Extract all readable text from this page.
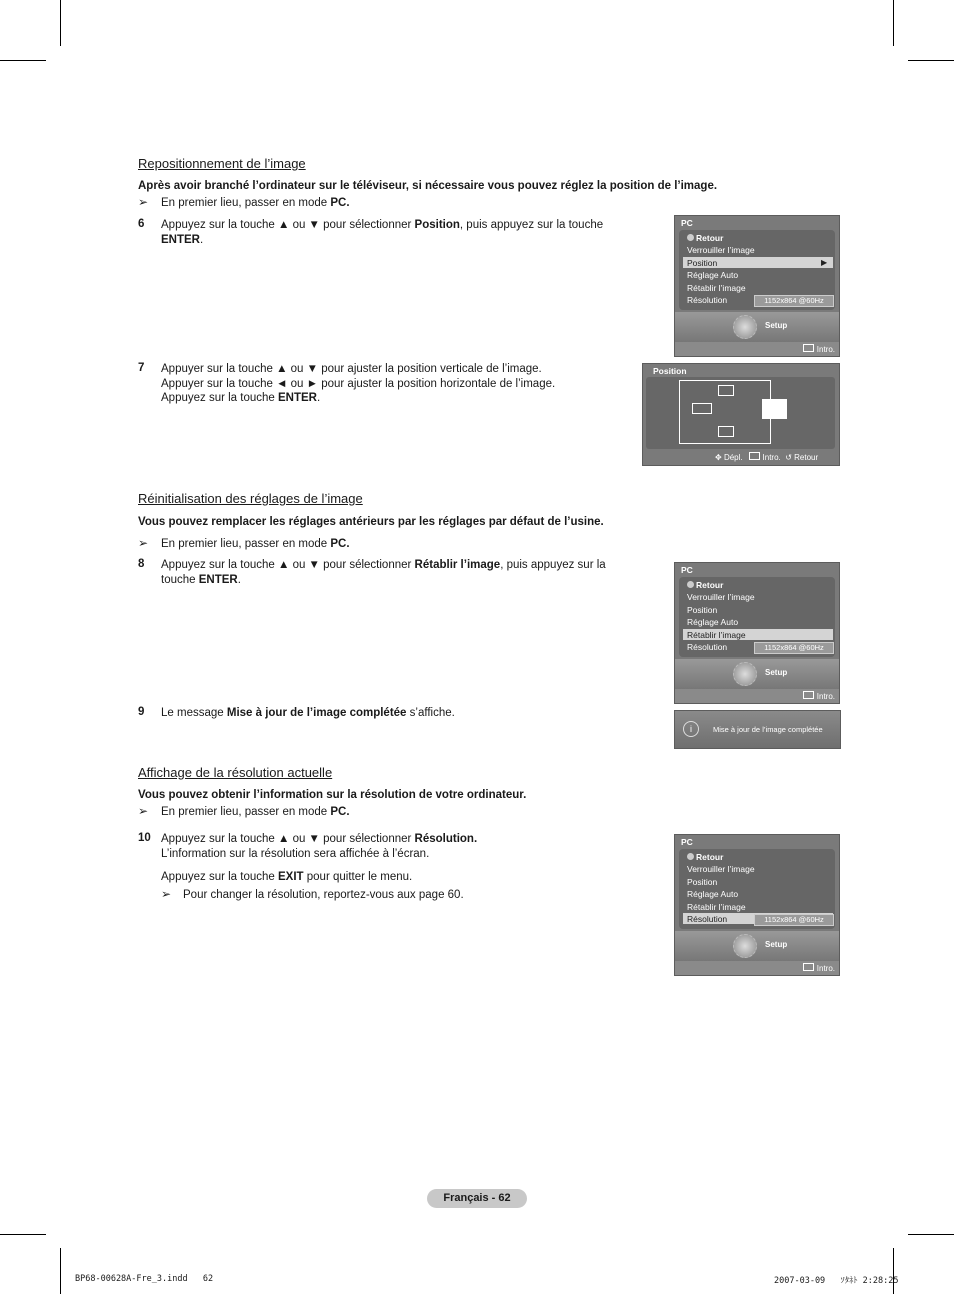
Repositionnement de l’image
Après avoir branché l’ordinateur sur le téléviseur, si nécessaire vous pouvez réglez la position de l’image.
➢ En premier lieu, passer en mode PC.
6 Appuyez sur la touche ▲ ou ▼ pour sélectionner Position, puis appuyez sur la touche
ENTER.
PC
Retour
Verrouiller l’image
Position	▶
Réglage Auto
Rétablir l’image
Résolution	1152x864 @60Hz
Setup
Intro.
7 Appuyer sur la touche ▲ ou ▼ pour ajuster la position verticale de l’image.
Appuyer sur la touche ◄ ou ► pour ajuster la position horizontale de l’image.
Appuyez sur la touche ENTER.
Position
✥ Dépl. Intro. ↺ Retour
Réinitialisation des réglages de l’image
Vous pouvez remplacer les réglages antérieurs par les réglages par défaut de l’usine.
➢ En premier lieu, passer en mode PC.
8 Appuyez sur la touche ▲ ou ▼ pour sélectionner Rétablir l’image, puis appuyez sur la
touche ENTER.
PC
Retour
Verrouiller l’image
Position
Réglage Auto
Rétablir l’image
Résolution	1152x864 @60Hz
Setup
Intro.
9 Le message Mise à jour de l’image complétée s’affiche.
i	Mise à jour de l’image complétée
Affichage de la résolution actuelle
Vous pouvez obtenir l’information sur la résolution de votre ordinateur.
➢ En premier lieu, passer en mode PC.
10 Appuyez sur la touche ▲ ou ▼ pour sélectionner Résolution.
L’information sur la résolution sera affichée à l’écran.
Appuyez sur la touche EXIT pour quitter le menu.
➢ Pour changer la résolution, reportez-vous aux page 60.
PC
Retour
Verrouiller l’image
Position
Réglage Auto
Rétablir l’image
Résolution	1152x864 @60Hz
Setup
Intro.
Français - 62
BP68-00628A-Fre_3.indd   62	2007-03-09   ｿﾀﾈﾄ 2:28:25
